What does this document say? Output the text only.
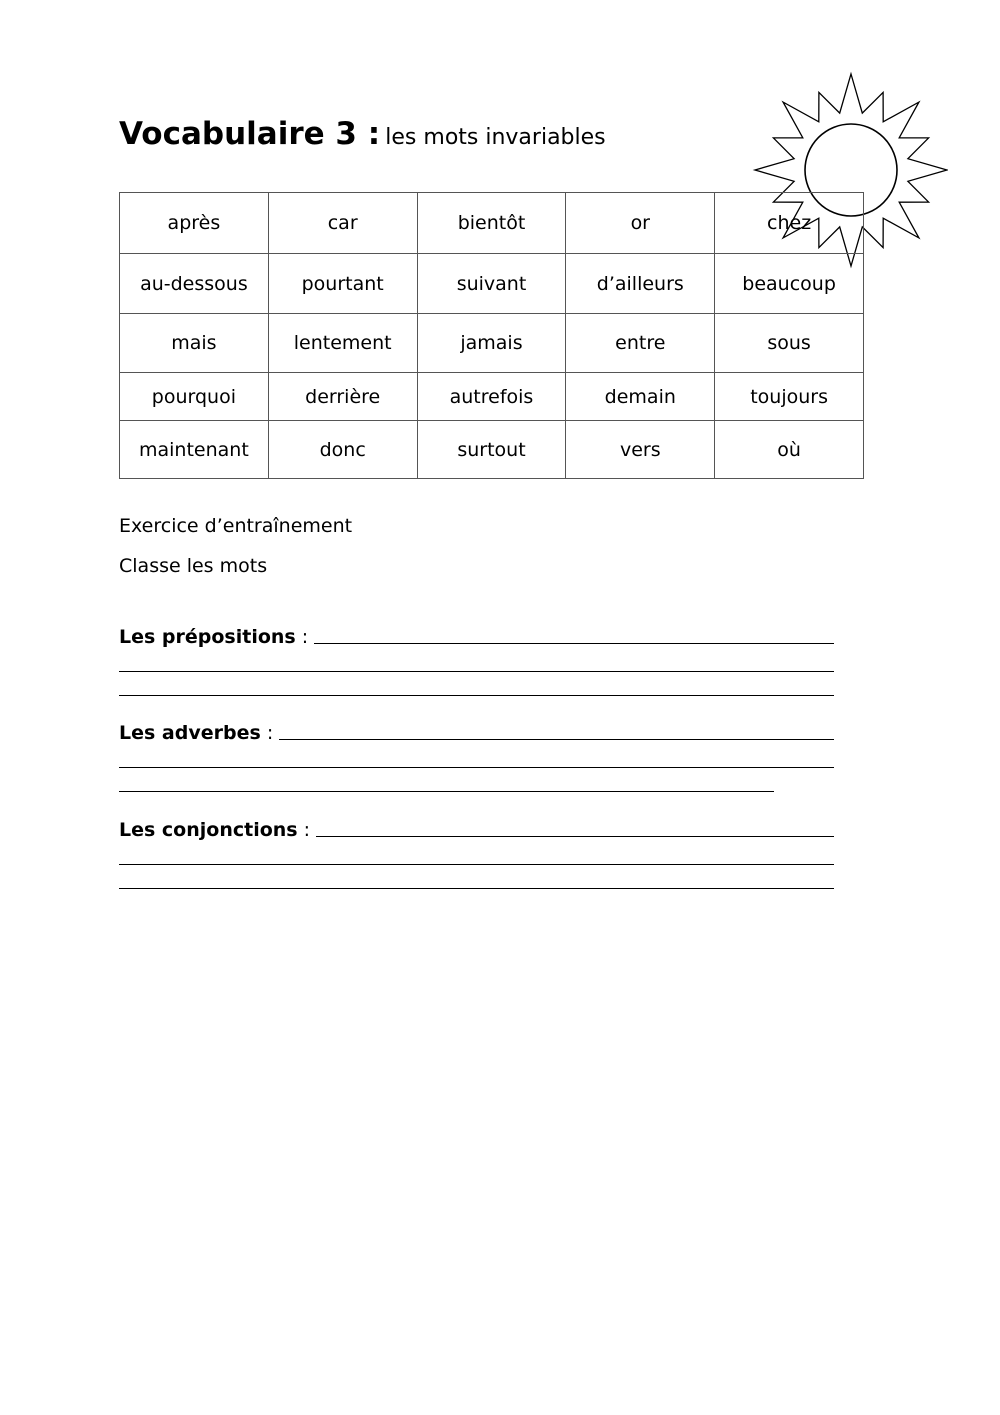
Vocabulaire 3 : les mots invariables
après	car	bientôt	or	chez
au-dessous	pourtant	suivant	d’ailleurs	beaucoup
mais	lentement	jamais	entre	sous
pourquoi	derrière	autrefois	demain	toujours
maintenant	donc	surtout	vers	où
Exercice d’entraînement
Classe les mots
Les prépositions :
Les adverbes :
Les conjonctions :
